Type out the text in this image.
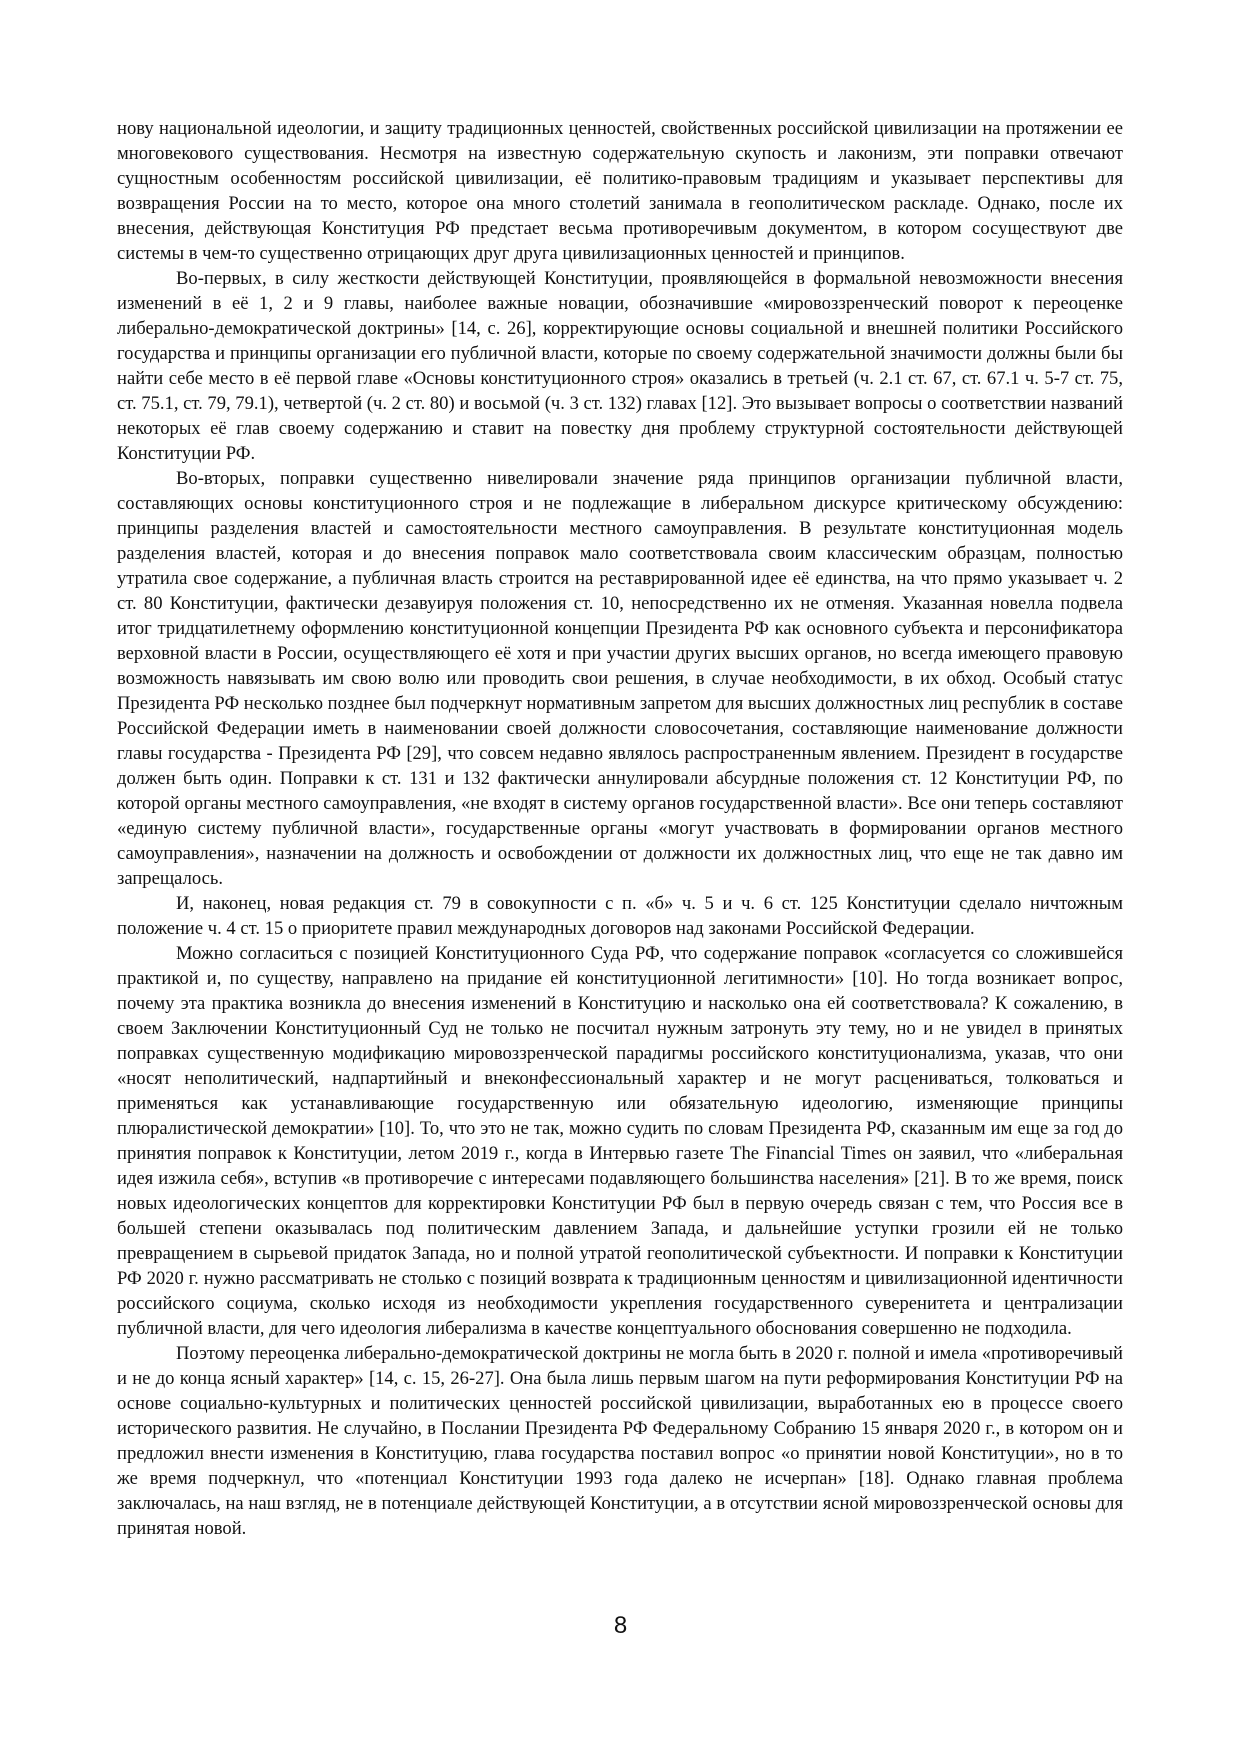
нову национальной идеологии, и защиту традиционных ценностей, свойственных российской цивилизации на протяжении ее многовекового существования. Несмотря на известную содержательную скупость и лаконизм, эти поправки отвечают сущностным особенностям российской цивилизации, её политико-правовым традициям и указывает перспективы для возвращения России на то место, которое она много столетий занимала в геополитическом раскладе. Однако, после их внесения, действующая Конституция РФ предстает весьма противоречивым документом, в котором сосуществуют две системы в чем-то существенно отрицающих друг друга цивилизационных ценностей и принципов.

Во-первых, в силу жесткости действующей Конституции, проявляющейся в формальной невозможности внесения изменений в её 1, 2 и 9 главы, наиболее важные новации, обозначившие «мировоззренческий поворот к переоценке либерально-демократической доктрины» [14, с. 26], корректирующие основы социальной и внешней политики Российского государства и принципы организации его публичной власти, которые по своему содержательной значимости должны были бы найти себе место в её первой главе «Основы конституционного строя» оказались в третьей (ч. 2.1 ст. 67, ст. 67.1 ч. 5-7 ст. 75, ст. 75.1, ст. 79, 79.1), четвертой (ч. 2 ст. 80) и восьмой (ч. 3 ст. 132) главах [12]. Это вызывает вопросы о соответствии названий некоторых её глав своему содержанию и ставит на повестку дня проблему структурной состоятельности действующей Конституции РФ.

Во-вторых, поправки существенно нивелировали значение ряда принципов организации публичной власти, составляющих основы конституционного строя и не подлежащие в либеральном дискурсе критическому обсуждению: принципы разделения властей и самостоятельности местного самоуправления. В результате конституционная модель разделения властей, которая и до внесения поправок мало соответствовала своим классическим образцам, полностью утратила свое содержание, а публичная власть строится на реставрированной идее её единства, на что прямо указывает ч. 2 ст. 80 Конституции, фактически дезавуируя положения ст. 10, непосредственно их не отменяя. Указанная новелла подвела итог тридцатилетнему оформлению конституционной концепции Президента РФ как основного субъекта и персонификатора верховной власти в России, осуществляющего её хотя и при участии других высших органов, но всегда имеющего правовую возможность навязывать им свою волю или проводить свои решения, в случае необходимости, в их обход. Особый статус Президента РФ несколько позднее был подчеркнут нормативным запретом для высших должностных лиц республик в составе Российской Федерации иметь в наименовании своей должности словосочетания, составляющие наименование должности главы государства - Президента РФ [29], что совсем недавно являлось распространенным явлением. Президент в государстве должен быть один. Поправки к ст. 131 и 132 фактически аннулировали абсурдные положения ст. 12 Конституции РФ, по которой органы местного самоуправления, «не входят в систему органов государственной власти». Все они теперь составляют «единую систему публичной власти», государственные органы «могут участвовать в формировании органов местного самоуправления», назначении на должность и освобождении от должности их должностных лиц, что еще не так давно им запрещалось.

И, наконец, новая редакция ст. 79 в совокупности с п. «б» ч. 5 и ч. 6 ст. 125 Конституции сделало ничтожным положение ч. 4 ст. 15 о приоритете правил международных договоров над законами Российской Федерации.

Можно согласиться с позицией Конституционного Суда РФ, что содержание поправок «согласуется со сложившейся практикой и, по существу, направлено на придание ей конституционной легитимности» [10]. Но тогда возникает вопрос, почему эта практика возникла до внесения изменений в Конституцию и насколько она ей соответствовала? К сожалению, в своем Заключении Конституционный Суд не только не посчитал нужным затронуть эту тему, но и не увидел в принятых поправках существенную модификацию мировоззренческой парадигмы российского конституционализма, указав, что они «носят неполитический, надпартийный и внеконфессиональный характер и не могут расцениваться, толковаться и применяться как устанавливающие государственную или обязательную идеологию, изменяющие принципы плюралистической демократии» [10]. То, что это не так, можно судить по словам Президента РФ, сказанным им еще за год до принятия поправок к Конституции, летом 2019 г., когда в Интервью газете The Financial Times он заявил, что «либеральная идея изжила себя», вступив «в противоречие с интересами подавляющего большинства населения» [21]. В то же время, поиск новых идеологических концептов для корректировки Конституции РФ был в первую очередь связан с тем, что Россия все в большей степени оказывалась под политическим давлением Запада, и дальнейшие уступки грозили ей не только превращением в сырьевой придаток Запада, но и полной утратой геополитической субъектности. И поправки к Конституции РФ 2020 г. нужно рассматривать не столько с позиций возврата к традиционным ценностям и цивилизационной идентичности российского социума, сколько исходя из необходимости укрепления государственного суверенитета и централизации публичной власти, для чего идеология либерализма в качестве концептуального обоснования совершенно не подходила.

Поэтому переоценка либерально-демократической доктрины не могла быть в 2020 г. полной и имела «противоречивый и не до конца ясный характер» [14, с. 15, 26-27]. Она была лишь первым шагом на пути реформирования Конституции РФ на основе социально-культурных и политических ценностей российской цивилизации, выработанных ею в процессе своего исторического развития. Не случайно, в Послании Президента РФ Федеральному Собранию 15 января 2020 г., в котором он и предложил внести изменения в Конституцию, глава государства поставил вопрос «о принятии новой Конституции», но в то же время подчеркнул, что «потенциал Конституции 1993 года далеко не исчерпан» [18]. Однако главная проблема заключалась, на наш взгляд, не в потенциале действующей Конституции, а в отсутствии ясной мировоззренческой основы для принятая новой.

8
